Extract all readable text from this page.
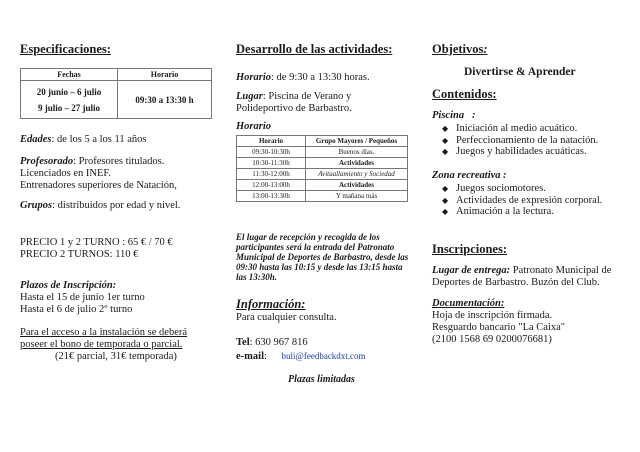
Especificaciones:
Fechas	Horario

20 junio – 6 julio
9 julio – 27 julio	09:30 a 13:30 h
Edades: de los 5 a los 11 años
Profesorado: Profesores titulados.
Licenciados en INEF.
Entrenadores superiores de Natación,
Grupos: distribuidos por edad y nivel.
PRECIO 1 y 2 TURNO : 65 € / 70 €
PRECIO 2 TURNOS: 110 €
Plazos de Inscripción:
Hasta el 15 de junio 1er turno
Hasta el 6 de julio 2º turno
Para el acceso a la instalación se deberá
poseer el bono de temporada o parcial.
(21€ parcial, 31€ temporada)
Desarrollo de las actividades:
Horario: de 9:30 a 13:30 horas.
Lugar: Piscina de Verano y
Polideportivo de Barbastro.
Horario
Horario	Grupo Mayores / Pequeños
09:30-10:30h	Buenos días.
10:30-11:30h	Actividades
11:30-12:00h	Avituallamiento y Sociedad
12:00-13:00h	Actividades
13:00-13:30h	Y mañana más
El lugar de recepción y recogida de los
participantes será la entrada del Patronato
Municipal de Deportes de Barbastro, desde las
09:30 hasta las 10:15 y desde las 13:15 hasta
las 13:30h.
Información:
Para cualquier consulta.
Tel: 630 967 816
e-mail: buli@feedbackdxt.com
Plazas limitadas
Objetivos:
Divertirse & Aprender
Contenidos:
Piscina :
◆ Iniciación al medio acuático.
◆ Perfeccionamiento de la natación.
◆ Juegos y habilidades acuáticas.
Zona recreativa :
◆ Juegos sociomotores.
◆ Actividades de expresión corporal.
◆ Animación a la lectura.
Inscripciones:
Lugar de entrega: Patronato Municipal de
Deportes de Barbastro. Buzón del Club.
Documentación:
Hoja de inscripción firmada.
Resguardo bancario "La Caixa"
(2100 1568 69 0200076681)
